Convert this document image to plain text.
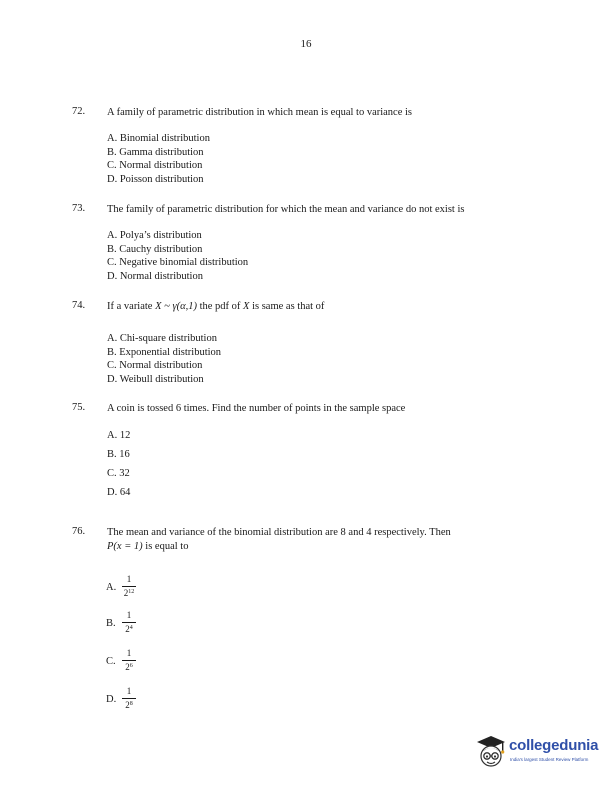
16
72.	A family of parametric distribution in which mean is equal to variance is
A. Binomial distribution
B. Gamma distribution
C. Normal distribution
D. Poisson distribution
73.	The family of parametric distribution for which the mean and variance do not exist is
A. Polya’s distribution
B. Cauchy distribution
C. Negative binomial distribution
D. Normal distribution
74.	If a variate X ~ γ(α,1) the pdf of X is same as that of
A. Chi-square distribution
B. Exponential distribution
C. Normal distribution
D. Weibull distribution
75.	A coin is tossed 6 times. Find the number of points in the sample space
A. 12
B. 16
C. 32
D. 64
76.	The mean and variance of the binomial distribution are 8 and 4 respectively. Then
P(x = 1) is equal to
A.
1
$2^{12}$
B.
1
$2^4$
C.
1
$2^6$
D.
1
$2^8$
collegedunia
India's largest Student Review Platform
